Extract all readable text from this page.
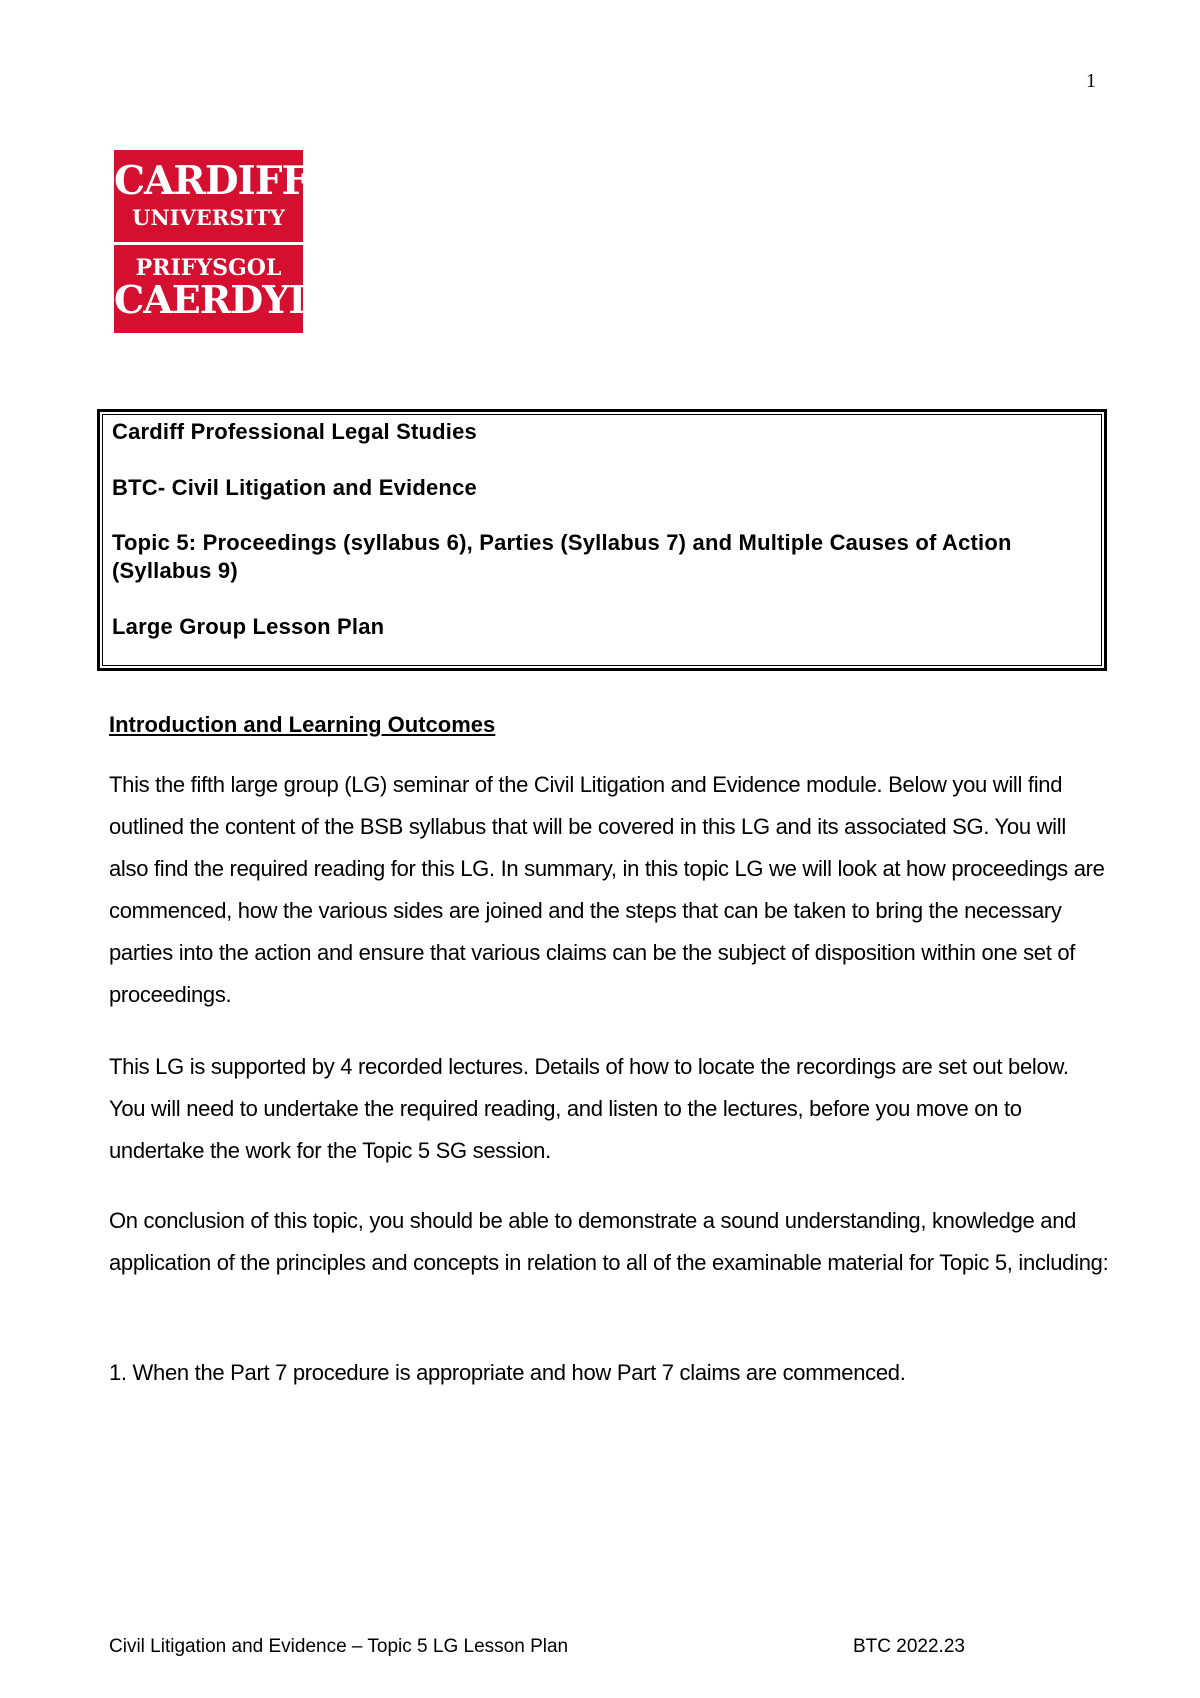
1
CARDIFF
UNIVERSITY
PRIFYSGOL
CAERDYDD
Cardiff Professional Legal Studies
BTC- Civil Litigation and Evidence
Topic 5: Proceedings (syllabus 6), Parties (Syllabus 7) and Multiple Causes of Action
(Syllabus 9)
Large Group Lesson Plan
Introduction and Learning Outcomes

This the fifth large group (LG) seminar of the Civil Litigation and Evidence module. Below you will find outlined the content of the BSB syllabus that will be covered in this LG and its associated SG. You will also find the required reading for this LG. In summary, in this topic LG we will look at how proceedings are commenced, how the various sides are joined and the steps that can be taken to bring the necessary parties into the action and ensure that various claims can be the subject of disposition within one set of proceedings.

This LG is supported by 4 recorded lectures. Details of how to locate the recordings are set out below. You will need to undertake the required reading, and listen to the lectures, before you move on to undertake the work for the Topic 5 SG session.

On conclusion of this topic, you should be able to demonstrate a sound understanding, knowledge and application of the principles and concepts in relation to all of the examinable material for Topic 5, including:

1. When the Part 7 procedure is appropriate and how Part 7 claims are commenced.
Civil Litigation and Evidence – Topic 5 LG Lesson Plan	BTC 2022.23
